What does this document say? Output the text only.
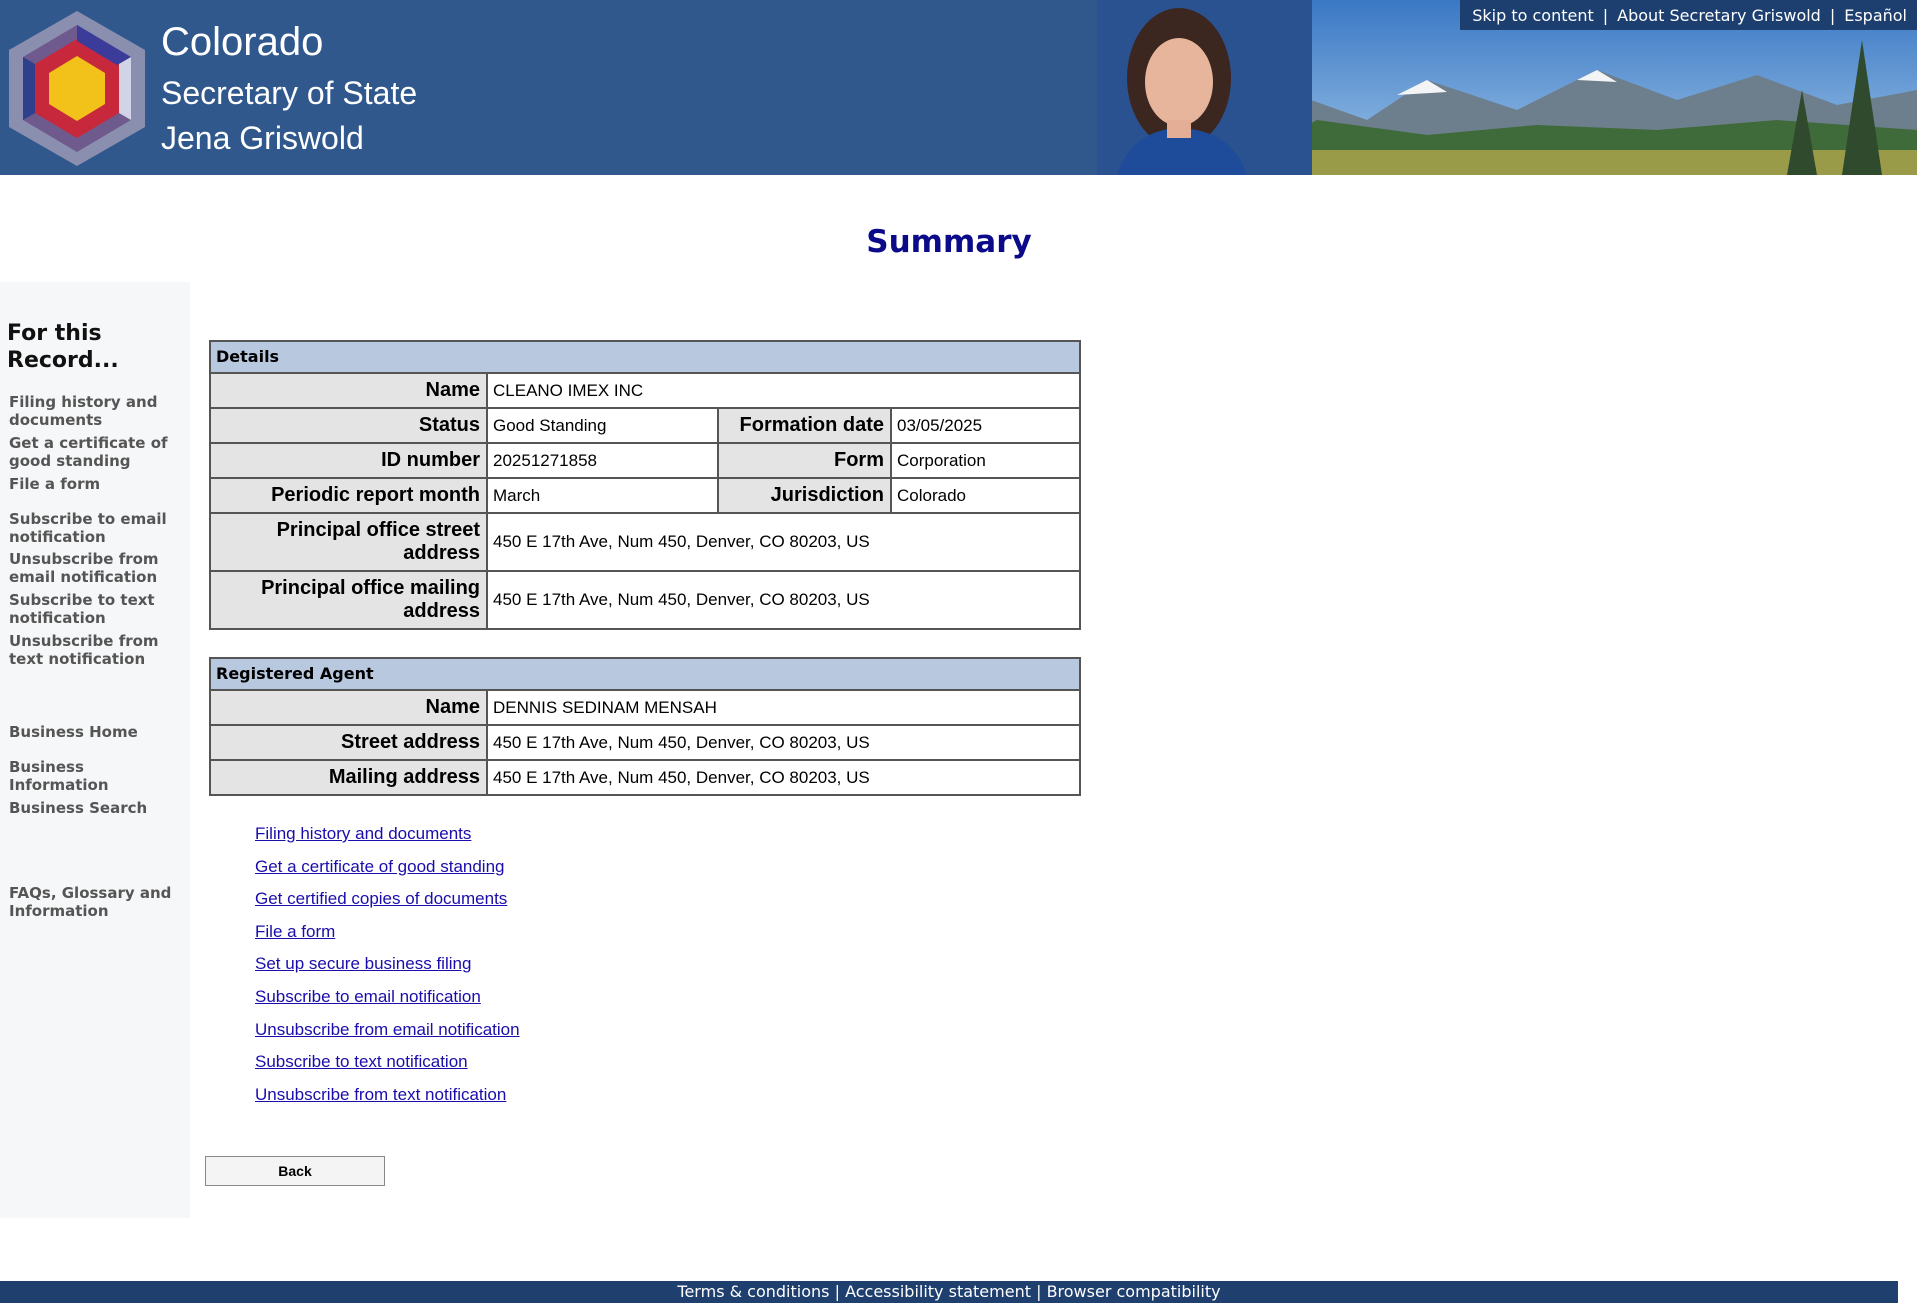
Colorado
Secretary of State
Jena Griswold
Skip to content | About Secretary Griswold | Español
Summary
For this Record...
Filing history and documents
Get a certificate of good standing
File a form
Subscribe to email notification
Unsubscribe from email notification
Subscribe to text notification
Unsubscribe from text notification
Business Home
Business Information
Business Search
FAQs, Glossary and Information
Details
Name CLEANO IMEX INC
Status Good Standing	Formation date 03/05/2025
ID number 20251271858	Form Corporation
Periodic report month March	Jurisdiction Colorado
Principal office street address
450 E 17th Ave, Num 450, Denver, CO 80203, US
Principal office mailing address
450 E 17th Ave, Num 450, Denver, CO 80203, US
Registered Agent
Name DENNIS SEDINAM MENSAH
Street address 450 E 17th Ave, Num 450, Denver, CO 80203, US
Mailing address 450 E 17th Ave, Num 450, Denver, CO 80203, US
Filing history and documents
Get a certificate of good standing
Get certified copies of documents
File a form
Set up secure business filing
Subscribe to email notification
Unsubscribe from email notification
Subscribe to text notification
Unsubscribe from text notification
Back
Terms & conditions | Accessibility statement | Browser compatibility
